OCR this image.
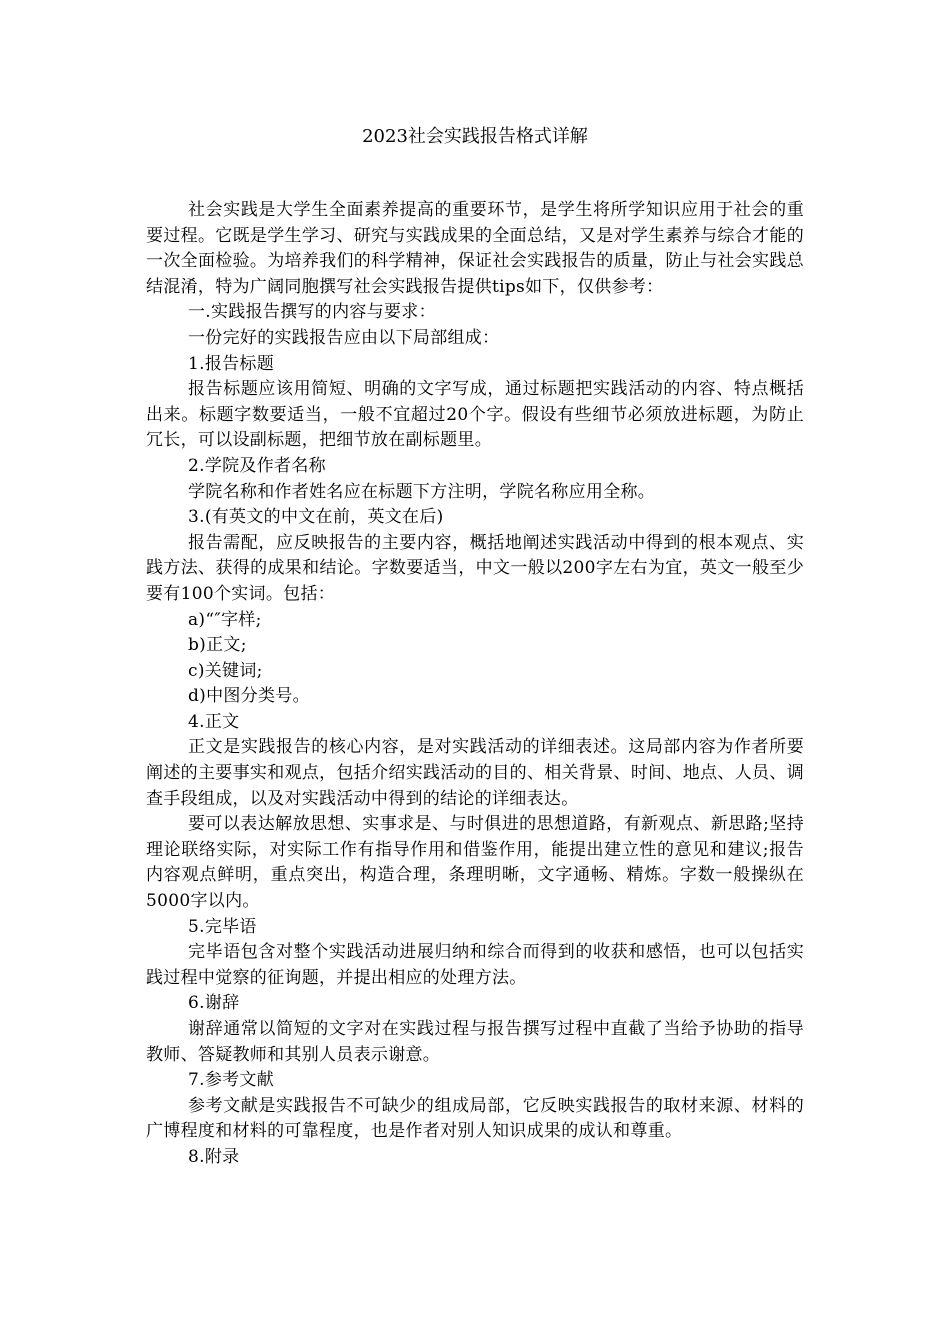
2023社会实践报告格式详解

社会实践是大学生全面素养提高的重要环节，是学生将所学知识应用于社会的重要过程。它既是学生学习、研究与实践成果的全面总结，又是对学生素养与综合才能的一次全面检验。为培养我们的科学精神，保证社会实践报告的质量，防止与社会实践总结混淆，特为广阔同胞撰写社会实践报告提供tips如下，仅供参考：

一.实践报告撰写的内容与要求：

一份完好的实践报告应由以下局部组成：

1.报告标题

报告标题应该用简短、明确的文字写成，通过标题把实践活动的内容、特点概括出来。标题字数要适当，一般不宜超过20个字。假设有些细节必须放进标题，为防止冗长，可以设副标题，把细节放在副标题里。

2.学院及作者名称

学院名称和作者姓名应在标题下方注明，学院名称应用全称。

3.(有英文的中文在前，英文在后)

报告需配，应反映报告的主要内容，概括地阐述实践活动中得到的根本观点、实践方法、获得的成果和结论。字数要适当，中文一般以200字左右为宜，英文一般至少要有100个实词。包括：

a)“″字样;

b)正文;

c)关键词;

d)中图分类号。

4.正文

正文是实践报告的核心内容，是对实践活动的详细表述。这局部内容为作者所要阐述的主要事实和观点，包括介绍实践活动的目的、相关背景、时间、地点、人员、调查手段组成，以及对实践活动中得到的结论的详细表达。

要可以表达解放思想、实事求是、与时俱进的思想道路，有新观点、新思路;坚持理论联络实际，对实际工作有指导作用和借鉴作用，能提出建立性的意见和建议;报告内容观点鲜明，重点突出，构造合理，条理明晰，文字通畅、精炼。字数一般操纵在5000字以内。

5.完毕语

完毕语包含对整个实践活动进展归纳和综合而得到的收获和感悟，也可以包括实践过程中觉察的征询题，并提出相应的处理方法。

6.谢辞

谢辞通常以简短的文字对在实践过程与报告撰写过程中直截了当给予协助的指导教师、答疑教师和其别人员表示谢意。

7.参考文献

参考文献是实践报告不可缺少的组成局部，它反映实践报告的取材来源、材料的广博程度和材料的可靠程度，也是作者对别人知识成果的成认和尊重。

8.附录
